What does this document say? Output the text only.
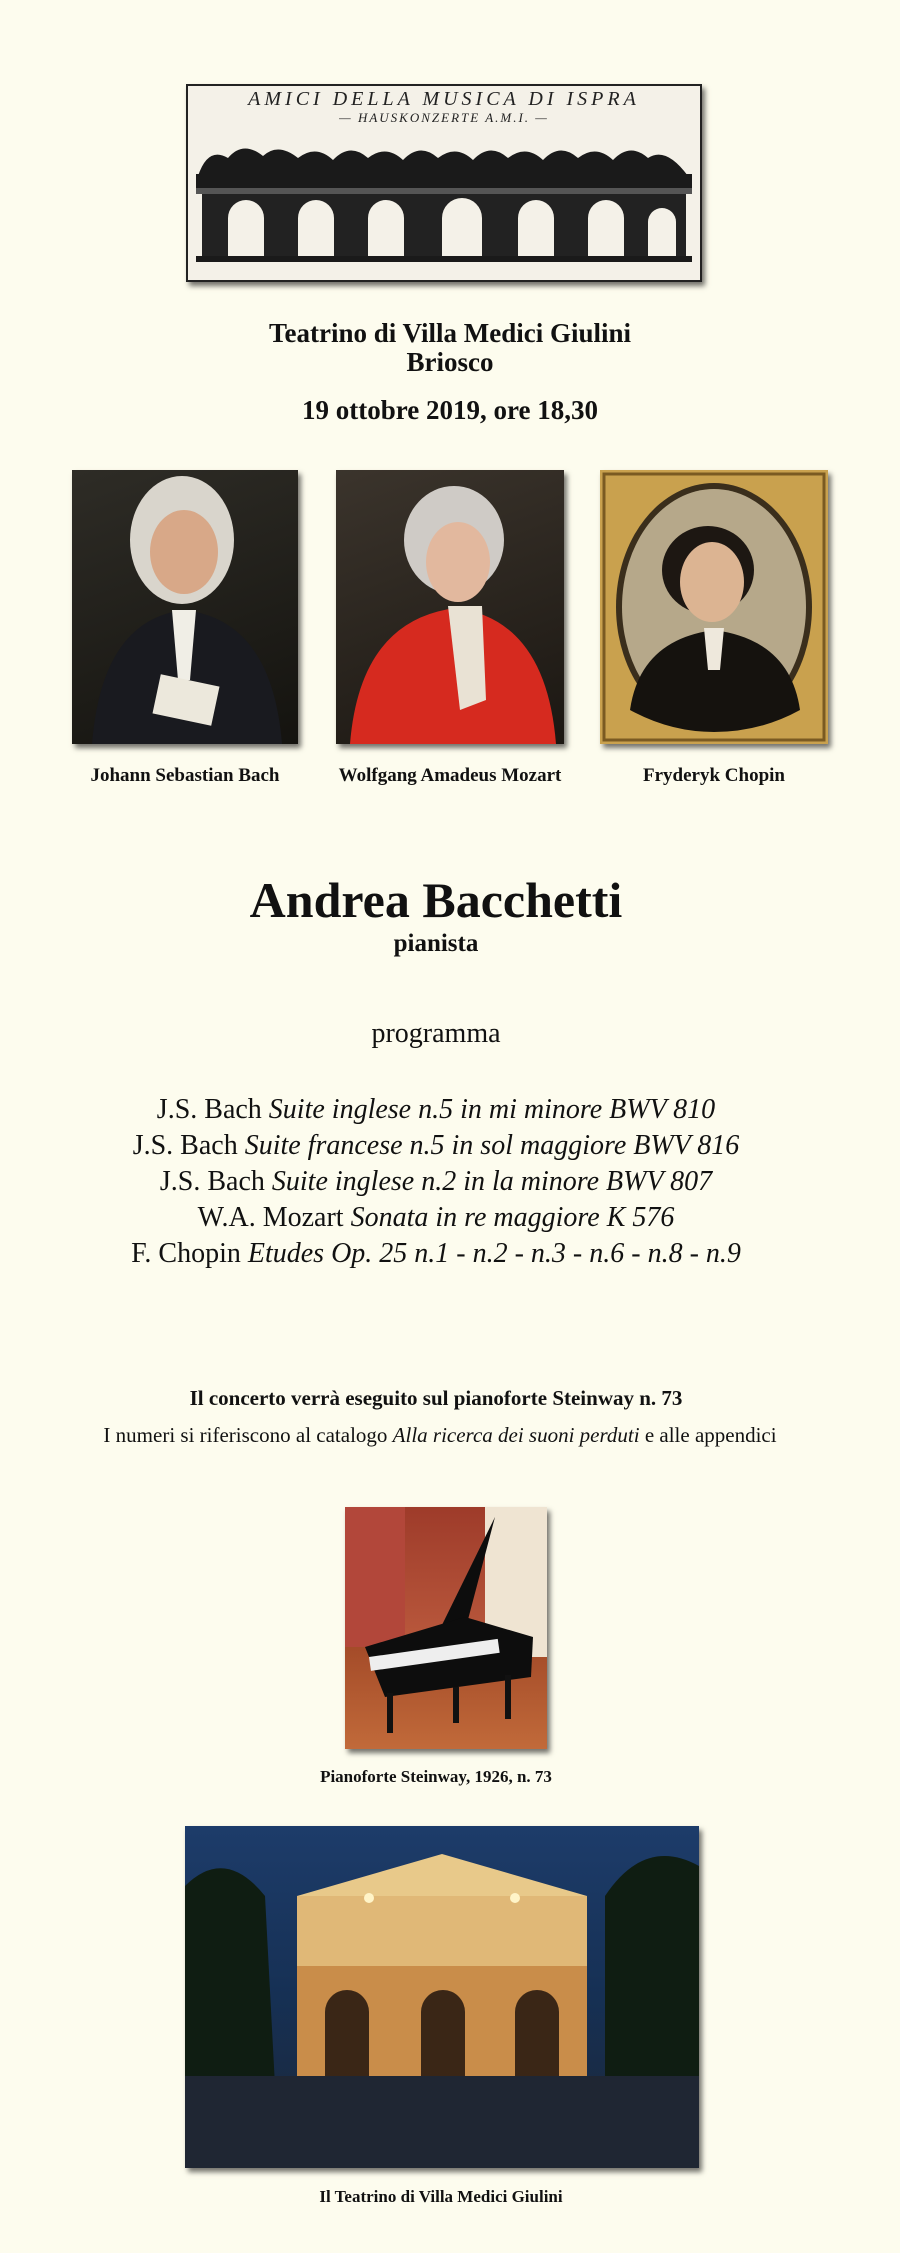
AMICI DELLA MUSICA DI ISPRA
— HAUSKONZERTE A.M.I. —
Teatrino di Villa Medici Giulini
Briosco
19 ottobre 2019, ore 18,30
Johann Sebastian Bach	Wolfgang Amadeus Mozart	Fryderyk Chopin
Andrea Bacchetti
pianista
programma
J.S. Bach Suite inglese n.5 in mi minore BWV 810
J.S. Bach Suite francese n.5 in sol maggiore BWV 816
J.S. Bach Suite inglese n.2 in la minore BWV 807
W.A. Mozart Sonata in re maggiore K 576
F. Chopin Etudes Op. 25 n.1 - n.2 - n.3 - n.6 - n.8 - n.9
Il concerto verrà eseguito sul pianoforte Steinway n. 73
I numeri si riferiscono al catalogo Alla ricerca dei suoni perduti e alle appendici
Pianoforte Steinway, 1926, n. 73
Il Teatrino di Villa Medici Giulini
